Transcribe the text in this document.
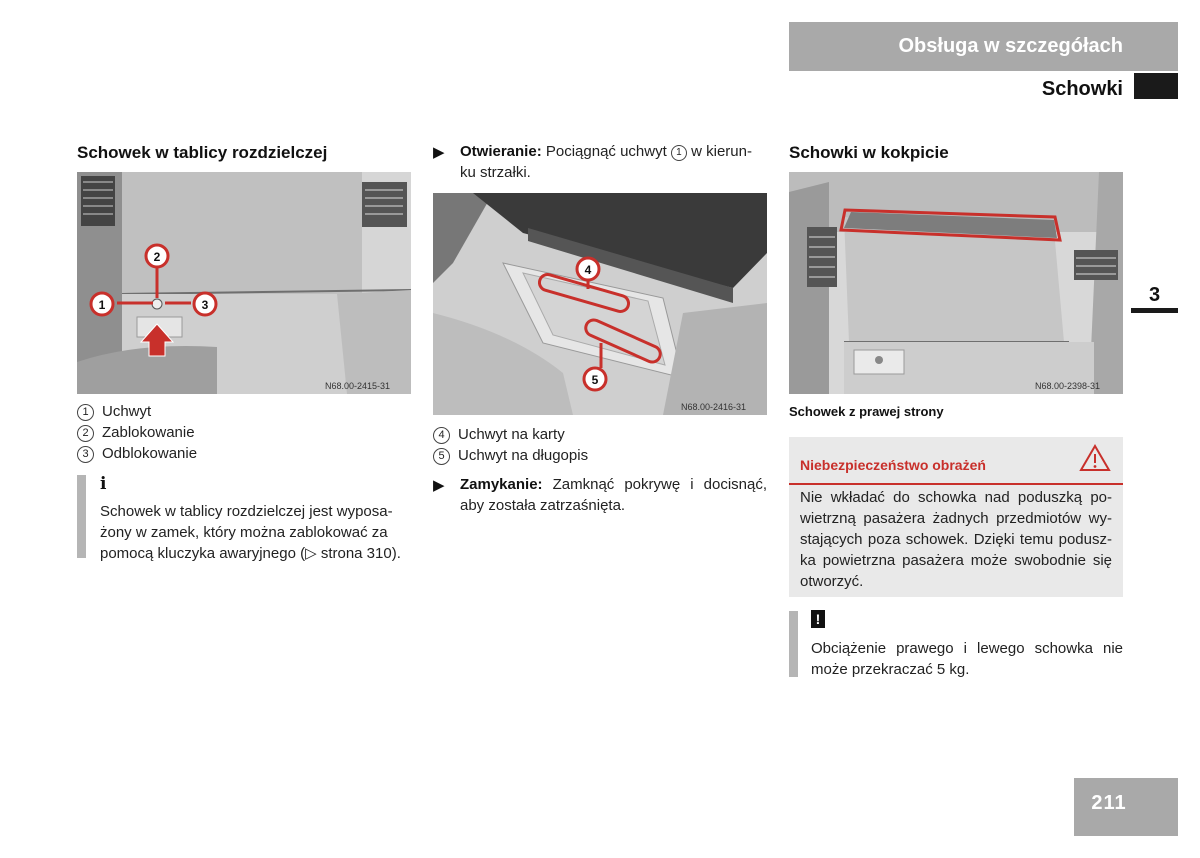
Obsługa w szczegółach
Schowki
3
Schowek w tablicy rozdzielczej
1
2
3
N68.00-2415-31
1 Uchwyt
2 Zablokowanie
3 Odblokowanie
i
Schowek w tablicy rozdzielczej jest wyposa-
żony w zamek, który można zablokować za
pomocą kluczyka awaryjnego (▷ strona 310).
▶ Otwieranie: Pociągnąć uchwyt 1 w kierun-
ku strzałki.
4
5
N68.00-2416-31
4 Uchwyt na karty
5 Uchwyt na długopis
▶ Zamykanie: Zamknąć pokrywę i docisnąć,
aby została zatrzaśnięta.
Schowki w kokpicie
N68.00-2398-31
Schowek z prawej strony
Niebezpieczeństwo obrażeń
Nie wkładać do schowka nad poduszką po-
wietrzną pasażera żadnych przedmiotów wy-
stających poza schowek. Dzięki temu podusz-
ka powietrzna pasażera może swobodnie się
otworzyć.
!
Obciążenie prawego i lewego schowka nie
może przekraczać 5 kg.
211
